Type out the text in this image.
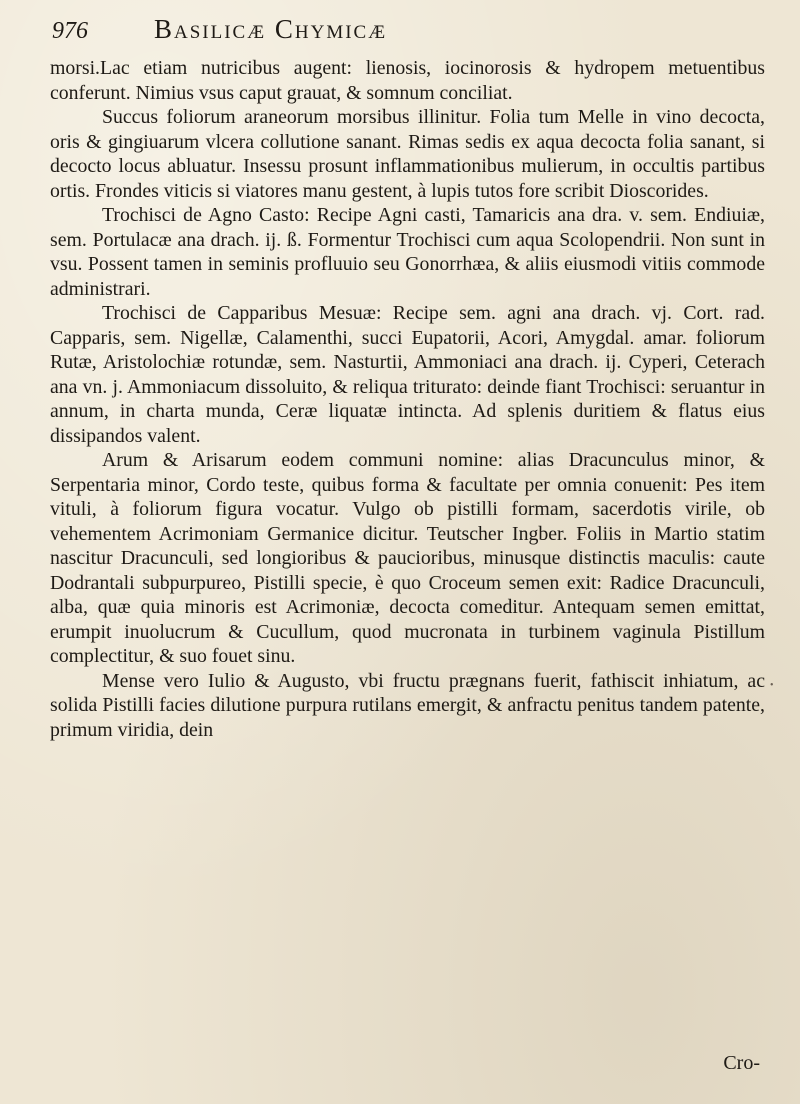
976	Basilicæ Chymicæ

morsi.Lac etiam nutricibus augent: lienosis, iocinorosis & hydropem metuentibus conferunt. Nimius vsus caput grauat, & somnum conciliat.

Succus foliorum araneorum morsibus illinitur. Folia tum Melle in vino decocta, oris & gingiuarum vlcera collutione sanant. Rimas sedis ex aqua decocta folia sanant, si decocto locus abluatur. Insessu prosunt inflammationibus mulierum, in occultis partibus ortis. Frondes viticis si viatores manu gestent, à lupis tutos fore scribit Dioscorides.

Trochisci de Agno Casto: Recipe Agni casti, Tamaricis ana dra. v. sem. Endiuiæ, sem. Portulacæ ana drach. ij. ß. Formentur Trochisci cum aqua Scolopendrii. Non sunt in vsu. Possent tamen in seminis profluuio seu Gonorrhæa, & aliis eiusmodi vitiis commode administrari.

Trochisci de Capparibus Mesuæ: Recipe sem. agni ana drach. vj. Cort. rad. Capparis, sem. Nigellæ, Calamenthi, succi Eupatorii, Acori, Amygdal. amar. foliorum Rutæ, Aristolochiæ rotundæ, sem. Nasturtii, Ammoniaci ana drach. ij. Cyperi, Ceterach ana vn. j. Ammoniacum dissoluito, & reliqua triturato: deinde fiant Trochisci: seruantur in annum, in charta munda, Ceræ liquatæ intincta. Ad splenis duritiem & flatus eius dissipandos valent.

Arum & Arisarum eodem communi nomine: alias Dracunculus minor, & Serpentaria minor, Cordo teste, quibus forma & facultate per omnia conuenit: Pes item vituli, à foliorum figura vocatur. Vulgo ob pistilli formam, sacerdotis virile, ob vehementem Acrimoniam Germanice dicitur. Teutscher Ingber. Foliis in Martio statim nascitur Dracunculi, sed longioribus & paucioribus, minusque distinctis maculis: caute Dodrantali subpurpureo, Pistilli specie, è quo Croceum semen exit: Radice Dracunculi, alba, quæ quia minoris est Acrimoniæ, decocta comeditur. Antequam semen emittat, erumpit inuolucrum & Cucullum, quod mucronata in turbinem vaginula Pistillum complectitur, & suo fouet sinu.

Mense vero Iulio & Augusto, vbi fructu prægnans fuerit, fathiscit inhiatum, ac solida Pistilli facies dilutione purpura rutilans emergit, & anfractu penitus tandem patente, primum viridia, dein

Cro-
•
